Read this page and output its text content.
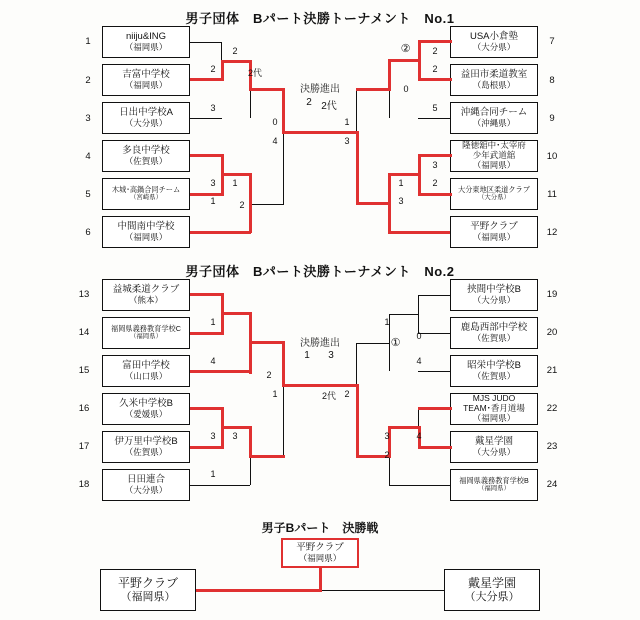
男子団体　Bパート決勝トーナメント　No.1
1
2
3
4
5
6
niiju&ING
（福岡県）
吉富中学校
（福岡県）
日出中学校A
（大分県）
多良中学校
（佐賀県）
木城･高鍋合同チーム
（宮崎県）
中間南中学校
（福岡県）
7
8
9
10
11
12
USA小倉塾
（大分県）
益田市柔道教室
（島根県）
沖縄合同チーム
（沖縄県）
隆徳舘中･太宰府
少年武道舘
（福岡県）
大分東地区柔道クラブ
（大分県）
平野クラブ
（福岡県）
2
3
2
2代
3
1
1
2
0
4
2
2
0
5
3
2
1
3
1
3
②
決勝進出
2 2代
男子団体　Bパート決勝トーナメント　No.2
13
14
15
16
17
18
益城柔道クラブ
（熊本）
福岡県義務教育学校C
（福岡県）
富田中学校
（山口県）
久米中学校B
（愛媛県）
伊万里中学校B
（佐賀県）
日田連合
（大分県）
19
20
21
22
23
24
挟間中学校B
（大分県）
鹿島西部中学校
（佐賀県）
昭栄中学校B
（佐賀県）
MJS JUDO
TEAM･香月道場
（福岡県）
戴星学園
（大分県）
福岡県義務教育学校B
（福岡県）
1
4
2
3	3
1
1	2代
1
0
4
3	4
2
2
①
決勝進出
1	3
男子Bパート　決勝戦
平野クラブ
（福岡県）
平野クラブ
（福岡県）
戴星学園
（大分県）
